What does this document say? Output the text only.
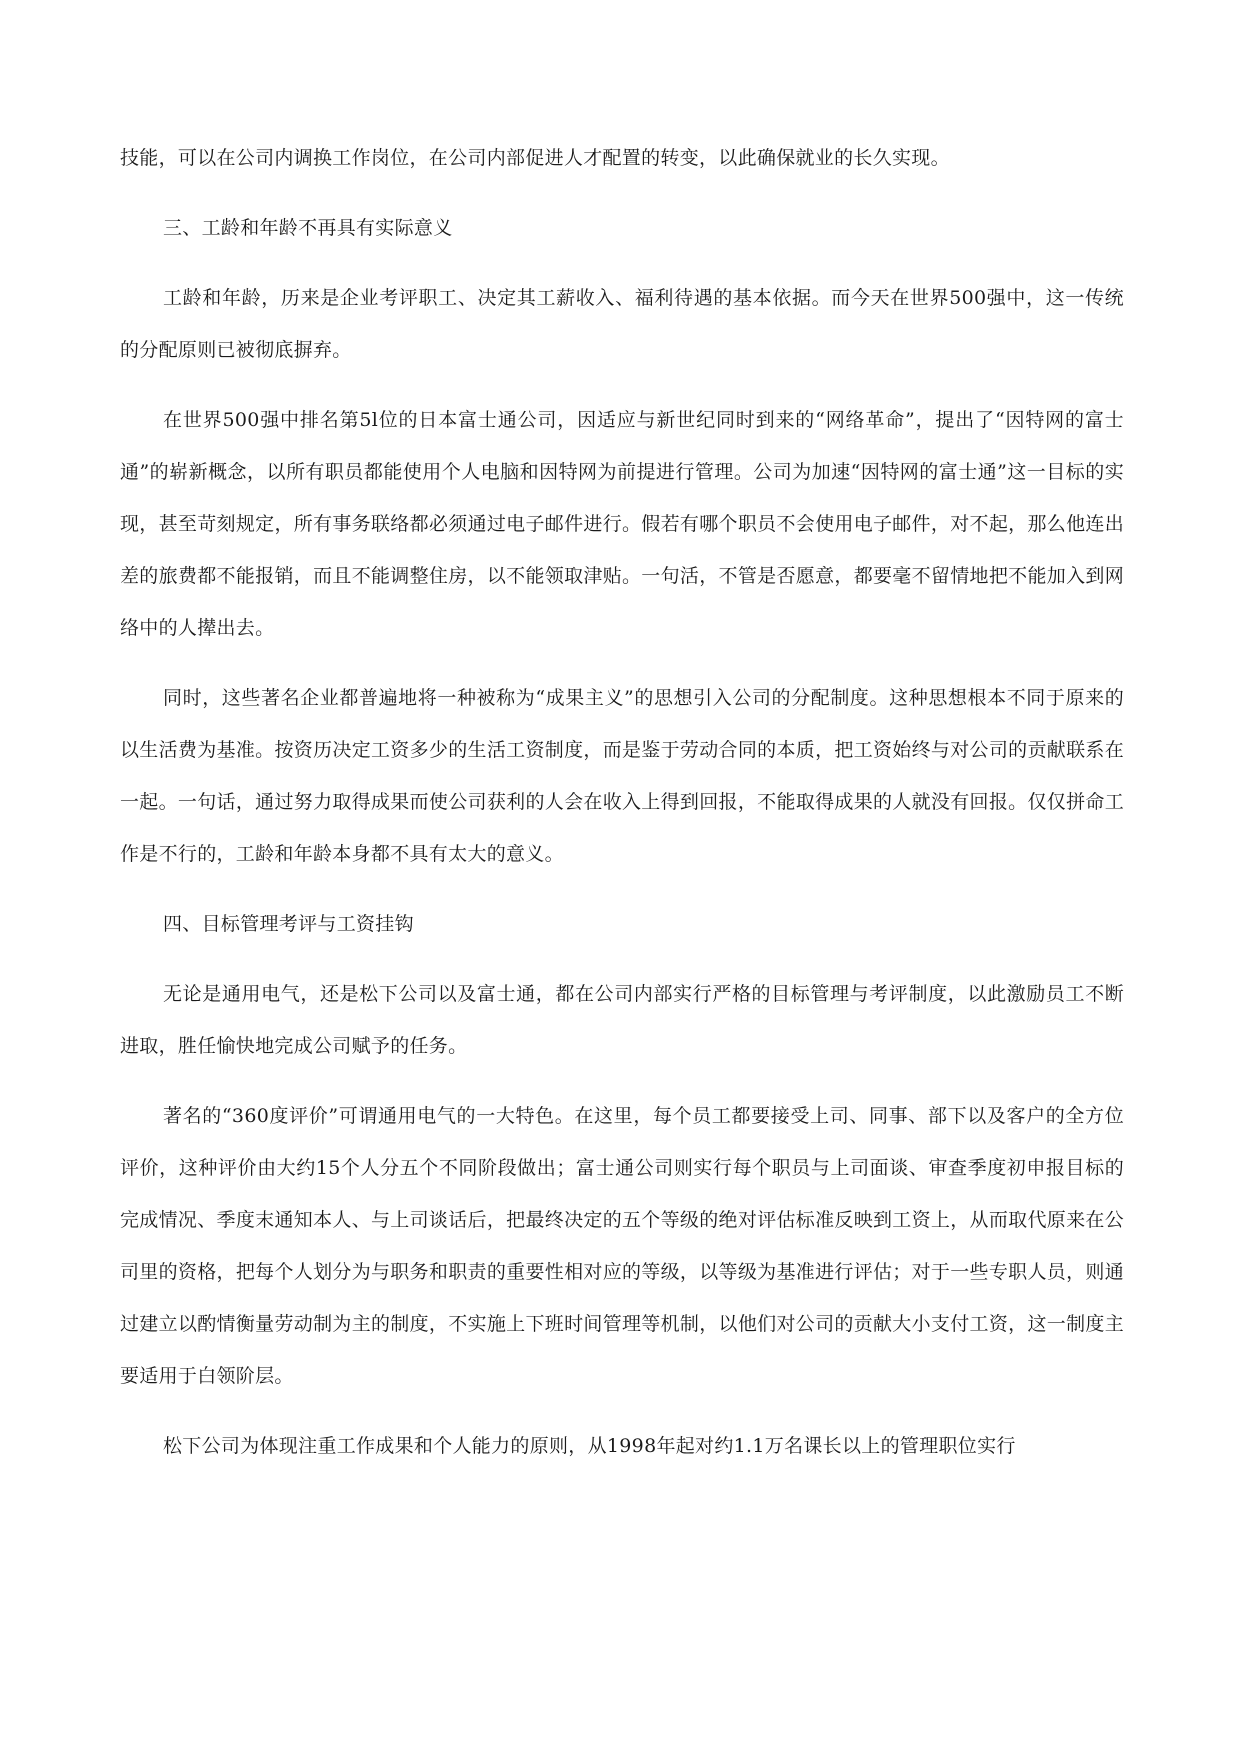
技能，可以在公司内调换工作岗位，在公司内部促进人才配置的转变，以此确保就业的长久实现。

三、工龄和年龄不再具有实际意义

工龄和年龄，历来是企业考评职工、决定其工薪收入、福利待遇的基本依据。而今天在世界500强中，这一传统的分配原则已被彻底摒弃。

在世界500强中排名第5l位的日本富士通公司，因适应与新世纪同时到来的“网络革命”，提出了“因特网的富士通”的崭新概念，以所有职员都能使用个人电脑和因特网为前提进行管理。公司为加速“因特网的富士通”这一目标的实现，甚至苛刻规定，所有事务联络都必须通过电子邮件进行。假若有哪个职员不会使用电子邮件，对不起，那么他连出差的旅费都不能报销，而且不能调整住房，以不能领取津贴。一句活，不管是否愿意，都要毫不留情地把不能加入到网络中的人撵出去。

同时，这些著名企业都普遍地将一种被称为“成果主义”的思想引入公司的分配制度。这种思想根本不同于原来的以生活费为基准。按资历决定工资多少的生活工资制度，而是鉴于劳动合同的本质，把工资始终与对公司的贡献联系在一起。一句话，通过努力取得成果而使公司获利的人会在收入上得到回报，不能取得成果的人就没有回报。仅仅拼命工作是不行的，工龄和年龄本身都不具有太大的意义。

四、目标管理考评与工资挂钩

无论是通用电气，还是松下公司以及富士通，都在公司内部实行严格的目标管理与考评制度，以此激励员工不断进取，胜任愉快地完成公司赋予的任务。

著名的“360度评价”可谓通用电气的一大特色。在这里，每个员工都要接受上司、同事、部下以及客户的全方位评价，这种评价由大约15个人分五个不同阶段做出；富士通公司则实行每个职员与上司面谈、审查季度初申报目标的完成情况、季度末通知本人、与上司谈话后，把最终决定的五个等级的绝对评估标准反映到工资上，从而取代原来在公司里的资格，把每个人划分为与职务和职责的重要性相对应的等级，以等级为基准进行评估；对于一些专职人员，则通过建立以酌情衡量劳动制为主的制度，不实施上下班时间管理等机制，以他们对公司的贡献大小支付工资，这一制度主要适用于白领阶层。

松下公司为体现注重工作成果和个人能力的原则，从1998年起对约1.1万名课长以上的管理职位实行
